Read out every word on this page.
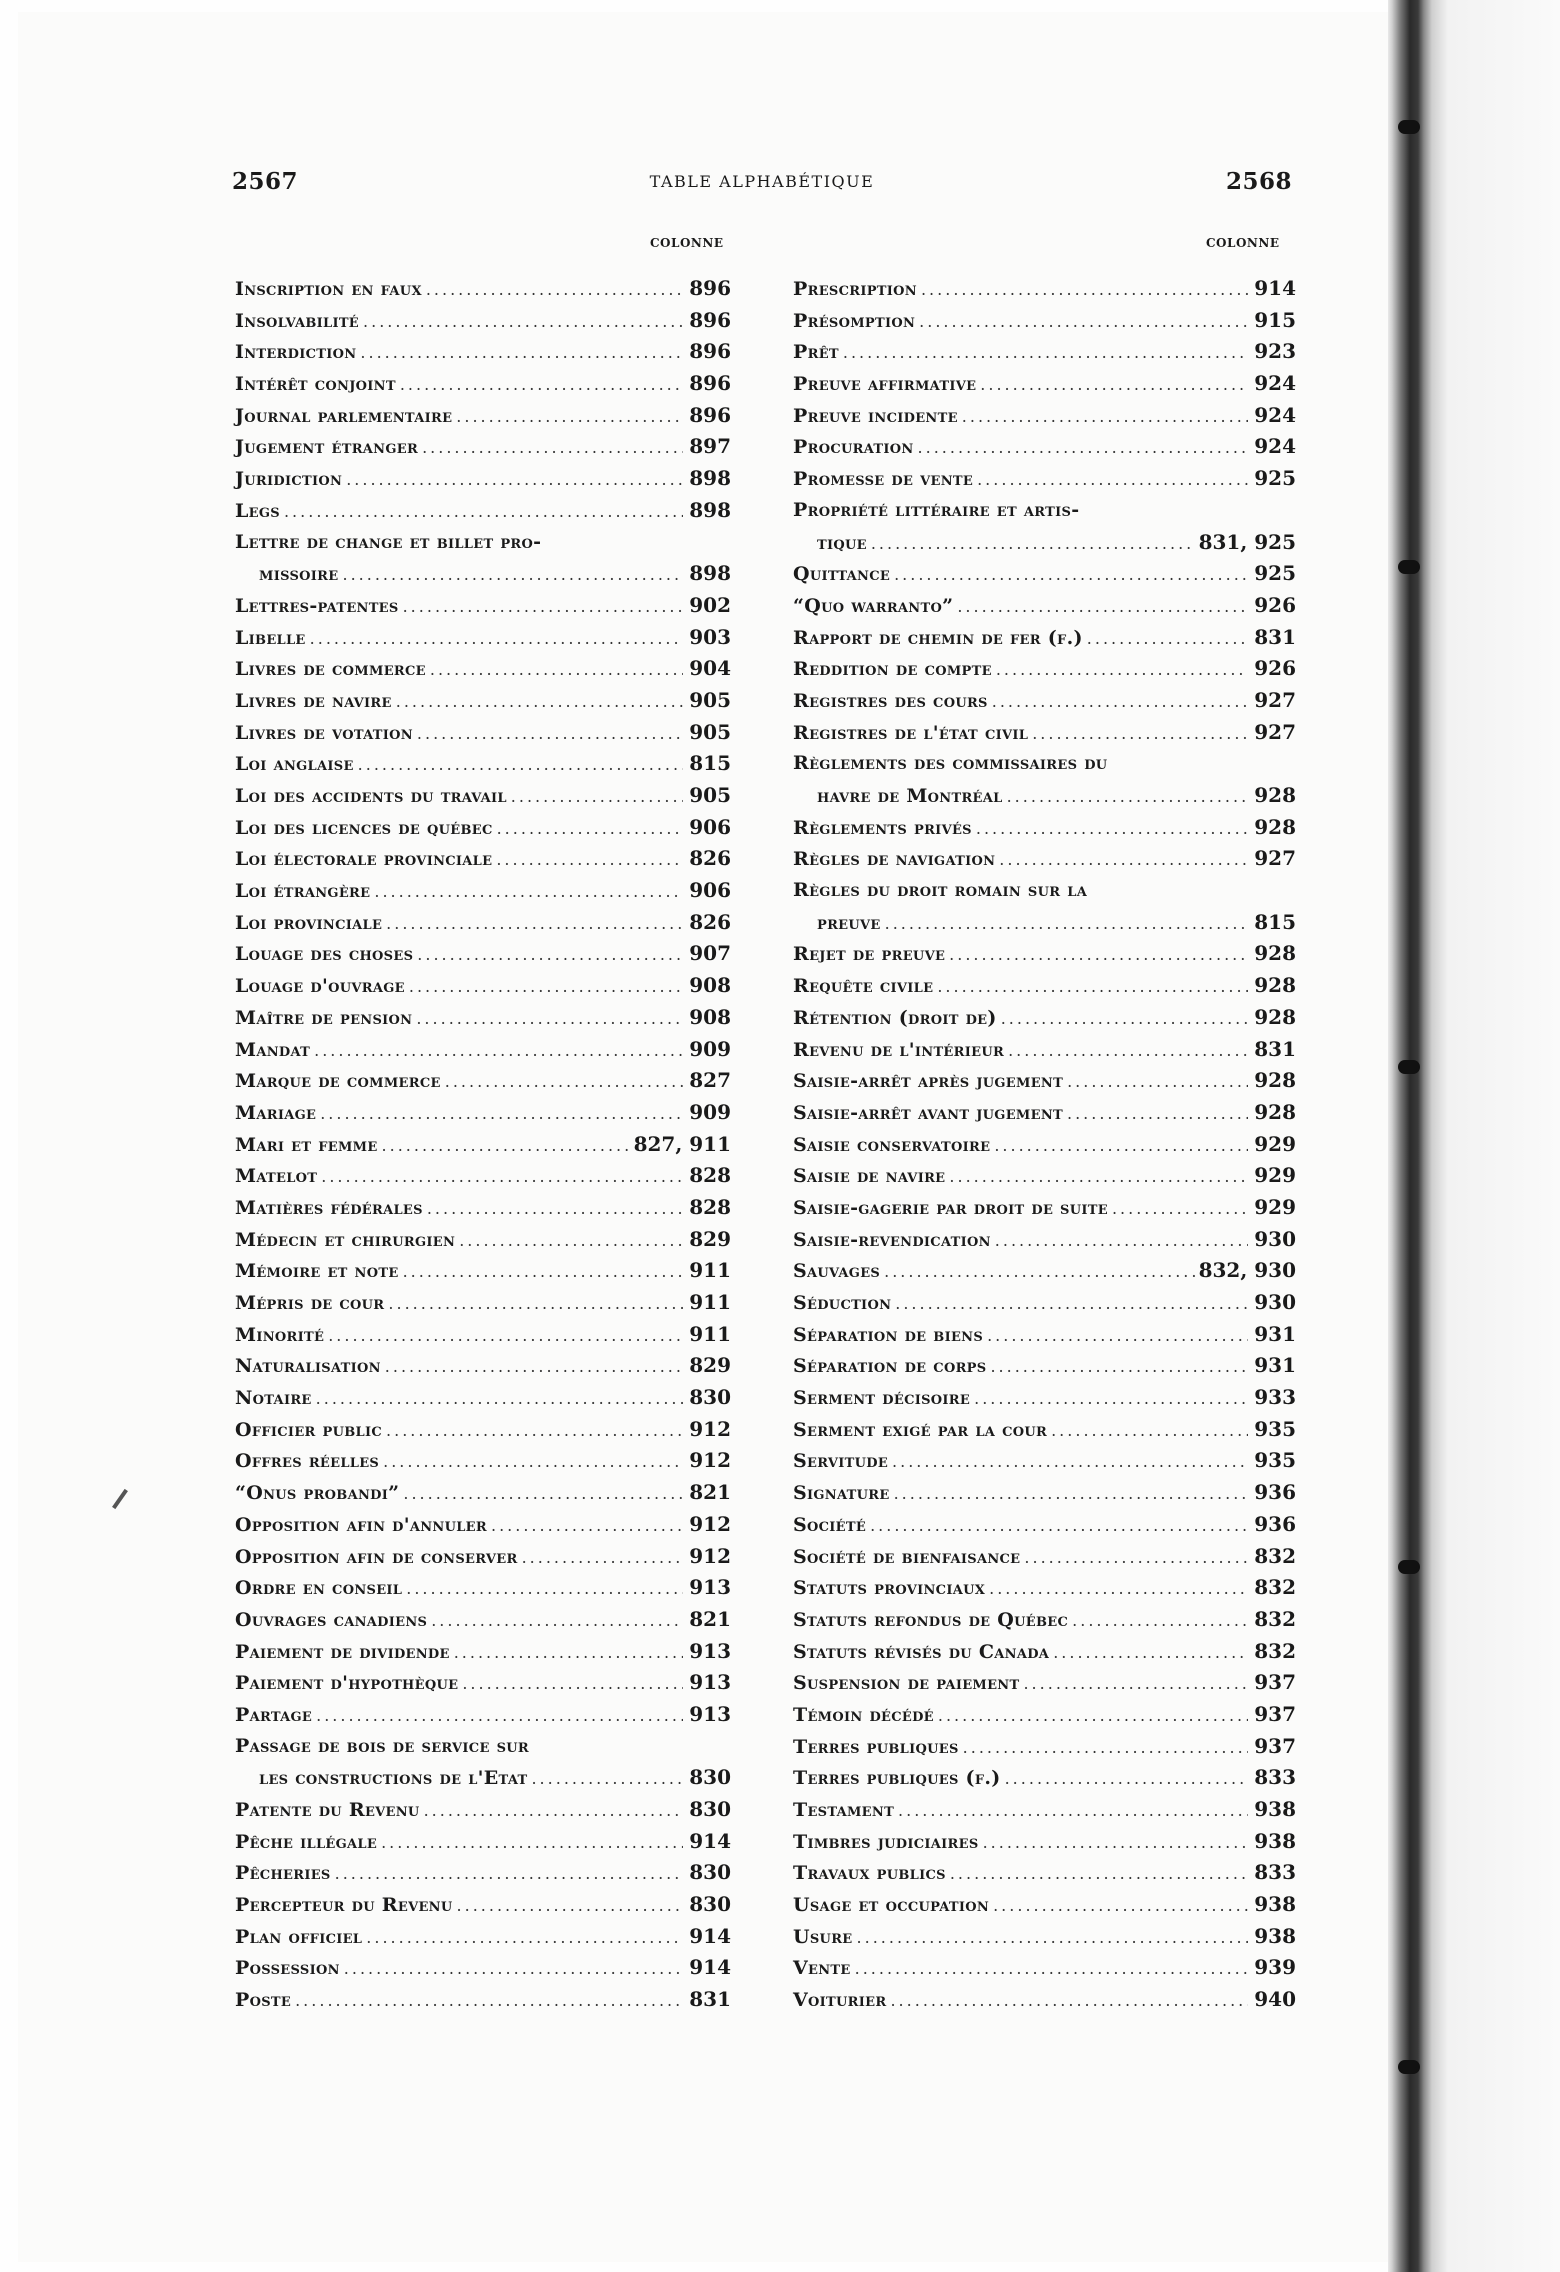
2567	TABLE ALPHABÉTIQUE	2568
COLONNE	COLONNE
Inscription en faux .....	896
Insolvabilité .....	896
Interdiction .....	896
Intérêt conjoint .....	896
Journal parlementaire .....	896
Jugement étranger .....	897
Juridiction .....	898
Legs .....	898
Lettre de change et billet pro-
missoire .....	898
Lettres-patentes .....	902
Libelle .....	903
Livres de commerce .....	904
Livres de navire .....	905
Livres de votation .....	905
Loi anglaise .....	815
Loi des accidents du travail .....	905
Loi des licences de québec .....	906
Loi électorale provinciale .....	826
Loi étrangère .....	906
Loi provinciale .....	826
Louage des choses .....	907
Louage d'ouvrage .....	908
Maître de pension .....	908
Mandat .....	909
Marque de commerce .....	827
Mariage .....	909
Mari et femme .....	827, 911
Matelot .....	828
Matières fédérales .....	828
Médecin et chirurgien .....	829
Mémoire et note .....	911
Mépris de cour .....	911
Minorité .....	911
Naturalisation .....	829
Notaire .....	830
Officier public .....	912
Offres réelles .....	912
“Onus probandi” .....	821
Opposition afin d'annuler .....	912
Opposition afin de conserver .....	912
Ordre en conseil .....	913
Ouvrages canadiens .....	821
Paiement de dividende .....	913
Paiement d'hypothèque .....	913
Partage .....	913
Passage de bois de service sur
les constructions de l'Etat .....	830
Patente du Revenu .....	830
Pêche illégale .....	914
Pêcheries .....	830
Percepteur du Revenu .....	830
Plan officiel .....	914
Possession .....	914
Poste .....	831
Prescription .....	914
Présomption .....	915
Prêt .....	923
Preuve affirmative .....	924
Preuve incidente .....	924
Procuration .....	924
Promesse de vente .....	925
Propriété littéraire et artis-
tique .....	831, 925
Quittance .....	925
“Quo warranto” .....	926
Rapport de chemin de fer (f.) .....	831
Reddition de compte .....	926
Registres des cours .....	927
Registres de l'état civil .....	927
Règlements des commissaires du
havre de Montréal .....	928
Règlements privés .....	928
Règles de navigation .....	927
Règles du droit romain sur la
preuve .....	815
Rejet de preuve .....	928
Requête civile .....	928
Rétention (droit de) .....	928
Revenu de l'intérieur .....	831
Saisie-arrêt après jugement .....	928
Saisie-arrêt avant jugement .....	928
Saisie conservatoire .....	929
Saisie de navire .....	929
Saisie-gagerie par droit de suite .....	929
Saisie-revendication .....	930
Sauvages .....	832, 930
Séduction .....	930
Séparation de biens .....	931
Séparation de corps .....	931
Serment décisoire .....	933
Serment exigé par la cour .....	935
Servitude .....	935
Signature .....	936
Société .....	936
Société de bienfaisance .....	832
Statuts provinciaux .....	832
Statuts refondus de Québec .....	832
Statuts révisés du Canada .....	832
Suspension de paiement .....	937
Témoin décédé .....	937
Terres publiques .....	937
Terres publiques (f.) .....	833
Testament .....	938
Timbres judiciaires .....	938
Travaux publics .....	833
Usage et occupation .....	938
Usure .....	938
Vente .....	939
Voiturier .....	940
